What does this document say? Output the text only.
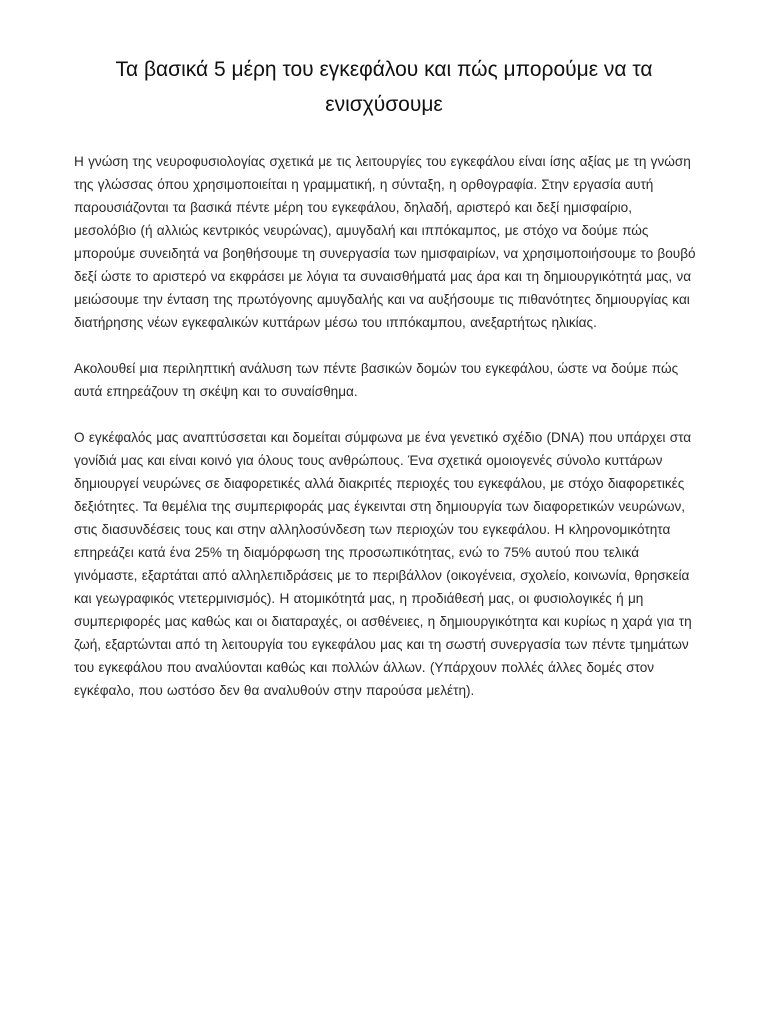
Τα βασικά 5 μέρη του εγκεφάλου και πώς μπορούμε να τα ενισχύσουμε

Η γνώση της νευροφυσιολογίας σχετικά με τις λειτουργίες του εγκεφάλου είναι ίσης αξίας με τη γνώση της γλώσσας όπου χρησιμοποιείται η γραμματική, η σύνταξη, η ορθογραφία. Στην εργασία αυτή παρουσιάζονται τα βασικά πέντε μέρη του εγκεφάλου, δηλαδή, αριστερό και δεξί ημισφαίριο, μεσολόβιο (ή αλλιώς κεντρικός νευρώνας), αμυγδαλή και ιππόκαμπος, με στόχο να δούμε πώς μπορούμε συνειδητά να βοηθήσουμε τη συνεργασία των ημισφαιρίων, να χρησιμοποιήσουμε το βουβό δεξί ώστε το αριστερό να εκφράσει με λόγια τα συναισθήματά μας άρα και τη δημιουργικότητά μας, να μειώσουμε την ένταση της πρωτόγονης αμυγδαλής και να αυξήσουμε τις πιθανότητες δημιουργίας και διατήρησης νέων εγκεφαλικών κυττάρων μέσω του ιππόκαμπου, ανεξαρτήτως ηλικίας.

Ακολουθεί μια περιληπτική ανάλυση των πέντε βασικών δομών του εγκεφάλου, ώστε να δούμε πώς αυτά επηρεάζουν τη σκέψη και το συναίσθημα.

Ο εγκέφαλός μας αναπτύσσεται και δομείται σύμφωνα με ένα γενετικό σχέδιο (DNA) που υπάρχει στα γονίδιά μας και είναι κοινό για όλους τους ανθρώπους. Ένα σχετικά ομοιογενές σύνολο κυττάρων δημιουργεί νευρώνες σε διαφορετικές αλλά διακριτές περιοχές του εγκεφάλου, με στόχο διαφορετικές δεξιότητες. Τα θεμέλια της συμπεριφοράς μας έγκεινται στη δημιουργία των διαφορετικών νευρώνων, στις διασυνδέσεις τους και στην αλληλοσύνδεση των περιοχών του εγκεφάλου. Η κληρονομικότητα επηρεάζει κατά ένα 25% τη διαμόρφωση της προσωπικότητας, ενώ το 75% αυτού που τελικά γινόμαστε, εξαρτάται από αλληλεπιδράσεις με το περιβάλλον (οικογένεια, σχολείο, κοινωνία, θρησκεία και γεωγραφικός ντετερμινισμός). Η ατομικότητά μας, η προδιάθεσή μας, οι φυσιολογικές ή μη συμπεριφορές μας καθώς και οι διαταραχές, οι ασθένειες, η δημιουργικότητα και κυρίως η χαρά για τη ζωή, εξαρτώνται από τη λειτουργία του εγκεφάλου μας και τη σωστή συνεργασία των πέντε τμημάτων του εγκεφάλου που αναλύονται καθώς και πολλών άλλων. (Υπάρχουν πολλές άλλες δομές στον εγκέφαλο, που ωστόσο δεν θα αναλυθούν στην παρούσα μελέτη).
